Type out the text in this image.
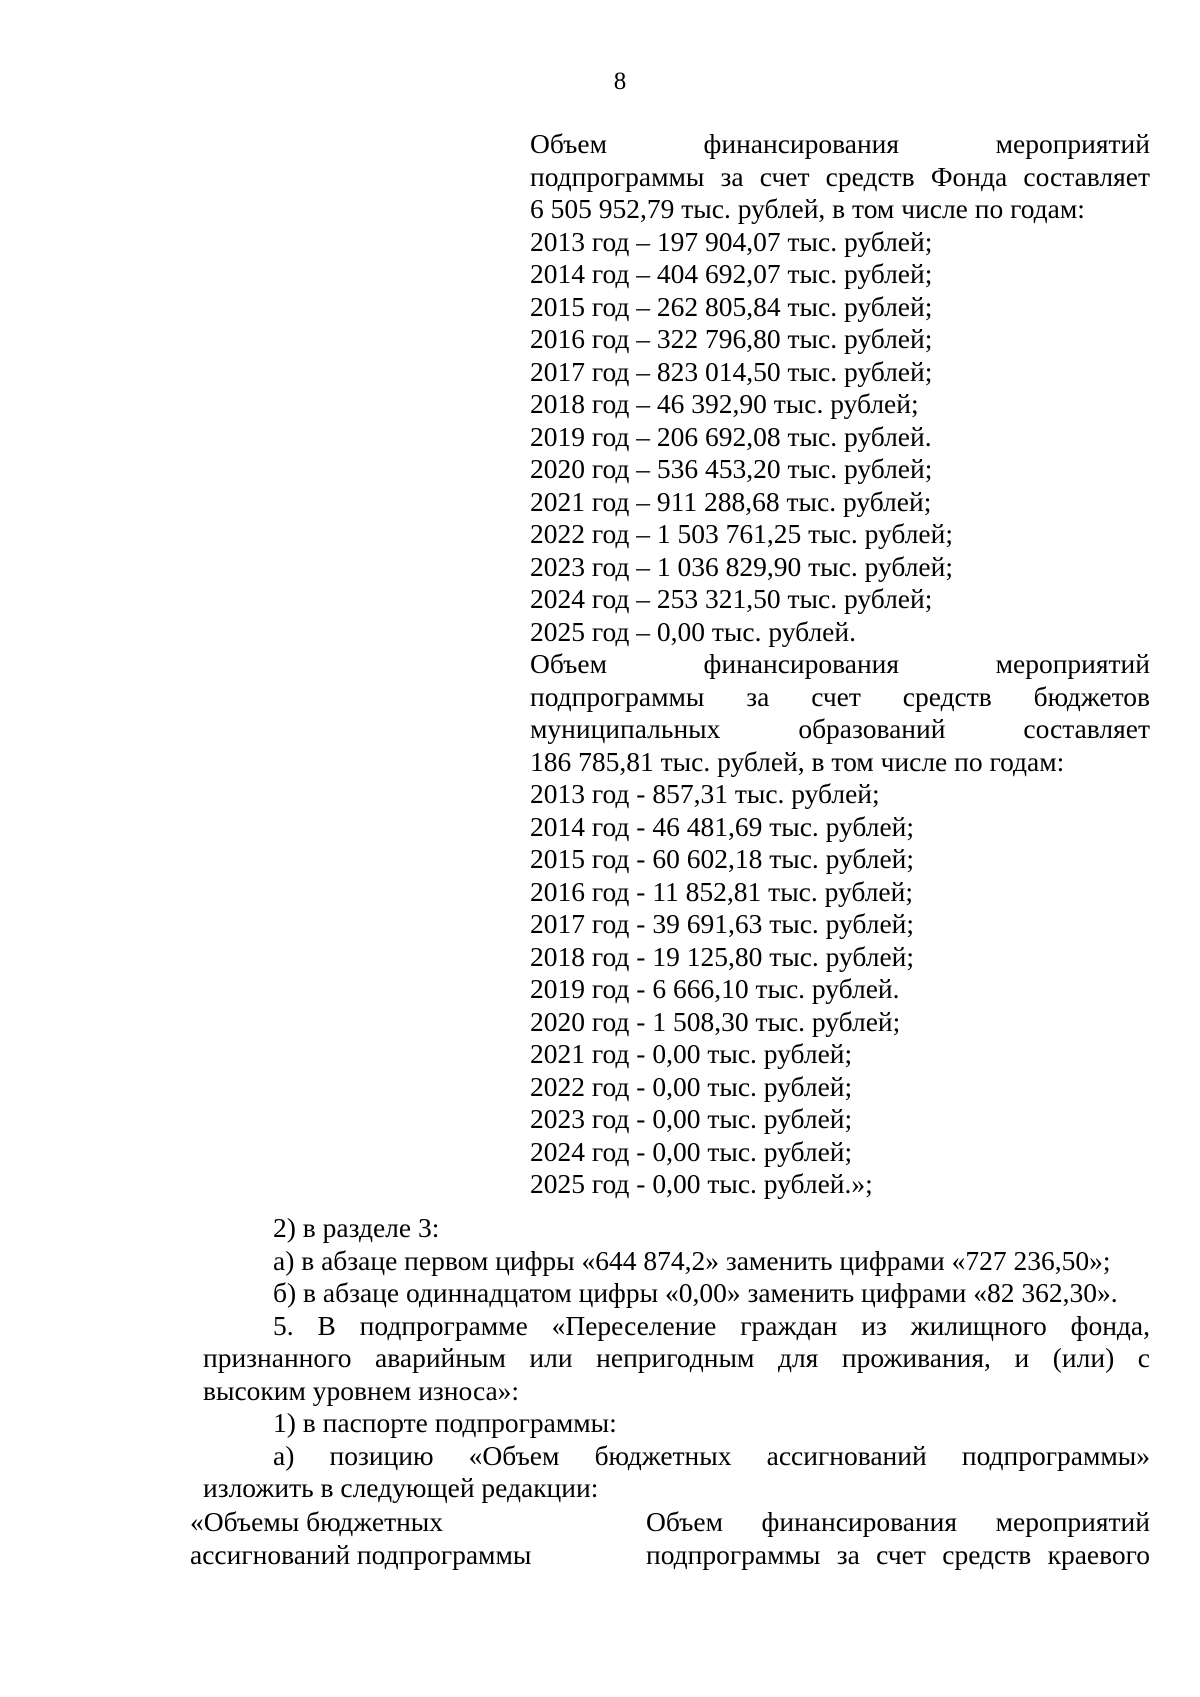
8
Объем финансирования мероприятий
подпрограммы за счет средств Фонда составляет
6 505 952,79 тыс. рублей, в том числе по годам:
2013 год – 197 904,07 тыс. рублей;
2014 год – 404 692,07 тыс. рублей;
2015 год – 262 805,84 тыс. рублей;
2016 год – 322 796,80 тыс. рублей;
2017 год – 823 014,50 тыс. рублей;
2018 год – 46 392,90 тыс. рублей;
2019 год – 206 692,08 тыс. рублей.
2020 год – 536 453,20 тыс. рублей;
2021 год – 911 288,68 тыс. рублей;
2022 год – 1 503 761,25 тыс. рублей;
2023 год – 1 036 829,90 тыс. рублей;
2024 год – 253 321,50 тыс. рублей;
2025 год – 0,00 тыс. рублей.
Объем финансирования мероприятий
подпрограммы за счет средств бюджетов
муниципальных образований составляет
186 785,81 тыс. рублей, в том числе по годам:
2013 год - 857,31 тыс. рублей;
2014 год - 46 481,69 тыс. рублей;
2015 год - 60 602,18 тыс. рублей;
2016 год - 11 852,81 тыс. рублей;
2017 год - 39 691,63 тыс. рублей;
2018 год - 19 125,80 тыс. рублей;
2019 год - 6 666,10 тыс. рублей.
2020 год - 1 508,30 тыс. рублей;
2021 год - 0,00 тыс. рублей;
2022 год - 0,00 тыс. рублей;
2023 год - 0,00 тыс. рублей;
2024 год - 0,00 тыс. рублей;
2025 год - 0,00 тыс. рублей.»;
2) в разделе 3:
а) в абзаце первом цифры «644 874,2» заменить цифрами «727 236,50»;
б) в абзаце одиннадцатом цифры «0,00» заменить цифрами «82 362,30».
5. В подпрограмме «Переселение граждан из жилищного фонда,
признанного аварийным или непригодным для проживания, и (или) с
высоким уровнем износа»:
1) в паспорте подпрограммы:
а) позицию «Объем бюджетных ассигнований подпрограммы»
изложить в следующей редакции:
«Объемы бюджетных
ассигнований подпрограммы
Объем финансирования мероприятий
подпрограммы за счет средств краевого
